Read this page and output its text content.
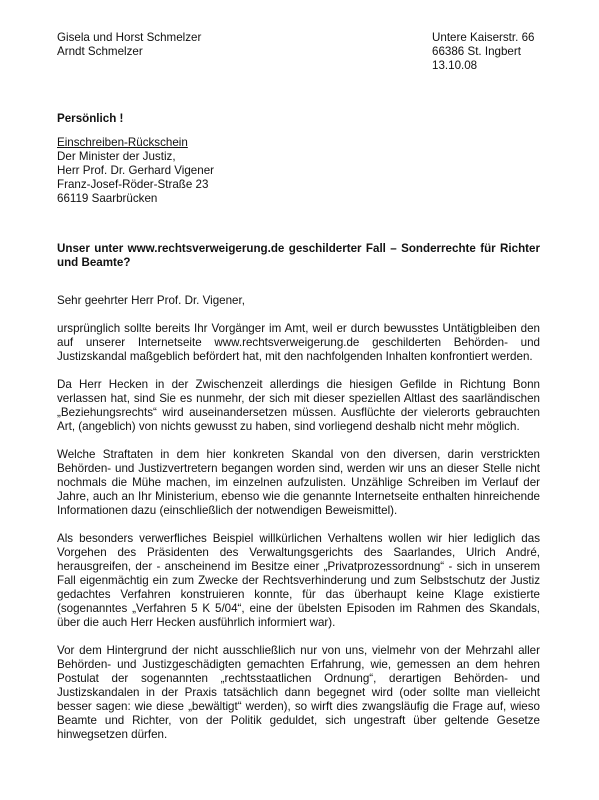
Gisela und Horst Schmelzer
Arndt Schmelzer
Untere Kaiserstr. 66
66386 St. Ingbert
13.10.08
Persönlich !
Einschreiben-Rückschein
Der Minister der Justiz,
Herr Prof. Dr. Gerhard Vigener
Franz-Josef-Röder-Straße 23
66119 Saarbrücken
Unser unter www.rechtsverweigerung.de geschilderter Fall – Sonderrechte für Richter und Beamte?
Sehr geehrter Herr Prof. Dr. Vigener,

ursprünglich sollte bereits Ihr Vorgänger im Amt, weil er durch bewusstes Untätigbleiben den auf unserer Internetseite www.rechtsverweigerung.de geschilderten Behörden- und Justizskandal maßgeblich befördert hat, mit den nachfolgenden Inhalten konfrontiert werden.

Da Herr Hecken in der Zwischenzeit allerdings die hiesigen Gefilde in Richtung Bonn verlassen hat, sind Sie es nunmehr, der sich mit dieser speziellen Altlast des saarländischen „Beziehungsrechts“ wird auseinandersetzen müssen. Ausflüchte der vielerorts gebrauchten Art, (angeblich) von nichts gewusst zu haben, sind vorliegend deshalb nicht mehr möglich.

Welche Straftaten in dem hier konkreten Skandal von den diversen, darin verstrickten Behörden- und Justizvertretern begangen worden sind, werden wir uns an dieser Stelle nicht nochmals die Mühe machen, im einzelnen aufzulisten. Unzählige Schreiben im Verlauf der Jahre, auch an Ihr Ministerium, ebenso wie die genannte Internetseite enthalten hinreichende Informationen dazu (einschließlich der notwendigen Beweismittel).

Als besonders verwerfliches Beispiel willkürlichen Verhaltens wollen wir hier lediglich das Vorgehen des Präsidenten des Verwaltungsgerichts des Saarlandes, Ulrich André, herausgreifen, der - anscheinend im Besitze einer „Privatprozessordnung“ - sich in unserem Fall eigenmächtig ein zum Zwecke der Rechtsverhinderung und zum Selbstschutz der Justiz gedachtes Verfahren konstruieren konnte, für das überhaupt keine Klage existierte (sogenanntes „Verfahren 5 K 5/04“, eine der übelsten Episoden im Rahmen des Skandals, über die auch Herr Hecken ausführlich informiert war).

Vor dem Hintergrund der nicht ausschließlich nur von uns, vielmehr von der Mehrzahl aller Behörden- und Justizgeschädigten gemachten Erfahrung, wie, gemessen an dem hehren Postulat der sogenannten „rechtsstaatlichen Ordnung“, derartigen Behörden- und Justizskandalen in der Praxis tatsächlich dann begegnet wird (oder sollte man vielleicht besser sagen: wie diese „bewältigt“ werden), so wirft dies zwangsläufig die Frage auf, wieso Beamte und Richter, von der Politik geduldet, sich ungestraft über geltende Gesetze hinwegsetzen dürfen.
